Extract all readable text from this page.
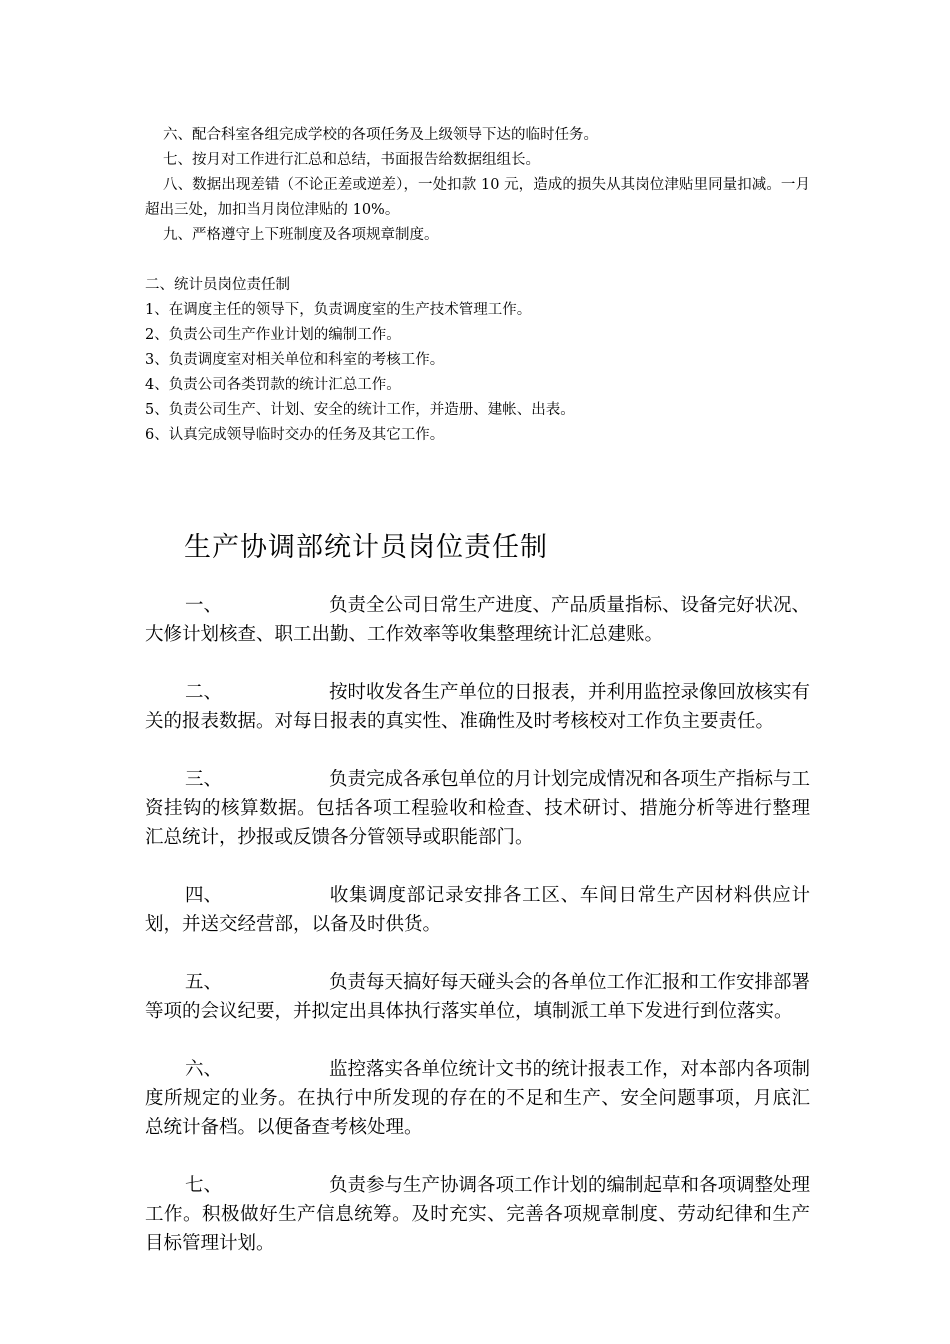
六、配合科室各组完成学校的各项任务及上级领导下达的临时任务。

七、按月对工作进行汇总和总结，书面报告给数据组组长。

八、数据出现差错（不论正差或逆差），一处扣款 10 元，造成的损失从其岗位津贴里同量扣减。一月超出三处，加扣当月岗位津贴的 10%。

九、严格遵守上下班制度及各项规章制度。

二、统计员岗位责任制

1、在调度主任的领导下，负责调度室的生产技术管理工作。

2、负责公司生产作业计划的编制工作。

3、负责调度室对相关单位和科室的考核工作。

4、负责公司各类罚款的统计汇总工作。

5、负责公司生产、计划、安全的统计工作，并造册、建帐、出表。

6、认真完成领导临时交办的任务及其它工作。

生产协调部统计员岗位责任制

一、	负责全公司日常生产进度、产品质量指标、设备完好状况、大修计划核查、职工出勤、工作效率等收集整理统计汇总建账。

二、	按时收发各生产单位的日报表，并利用监控录像回放核实有关的报表数据。对每日报表的真实性、准确性及时考核校对工作负主要责任。

三、	负责完成各承包单位的月计划完成情况和各项生产指标与工资挂钩的核算数据。包括各项工程验收和检查、技术研讨、措施分析等进行整理汇总统计，抄报或反馈各分管领导或职能部门。

四、	收集调度部记录安排各工区、车间日常生产因材料供应计划，并送交经营部，以备及时供货。

五、	负责每天搞好每天碰头会的各单位工作汇报和工作安排部署等项的会议纪要，并拟定出具体执行落实单位，填制派工单下发进行到位落实。

六、	监控落实各单位统计文书的统计报表工作，对本部内各项制度所规定的业务。在执行中所发现的存在的不足和生产、安全问题事项，月底汇总统计备档。以便备查考核处理。

七、	负责参与生产协调各项工作计划的编制起草和各项调整处理工作。积极做好生产信息统筹。及时充实、完善各项规章制度、劳动纪律和生产目标管理计划。
